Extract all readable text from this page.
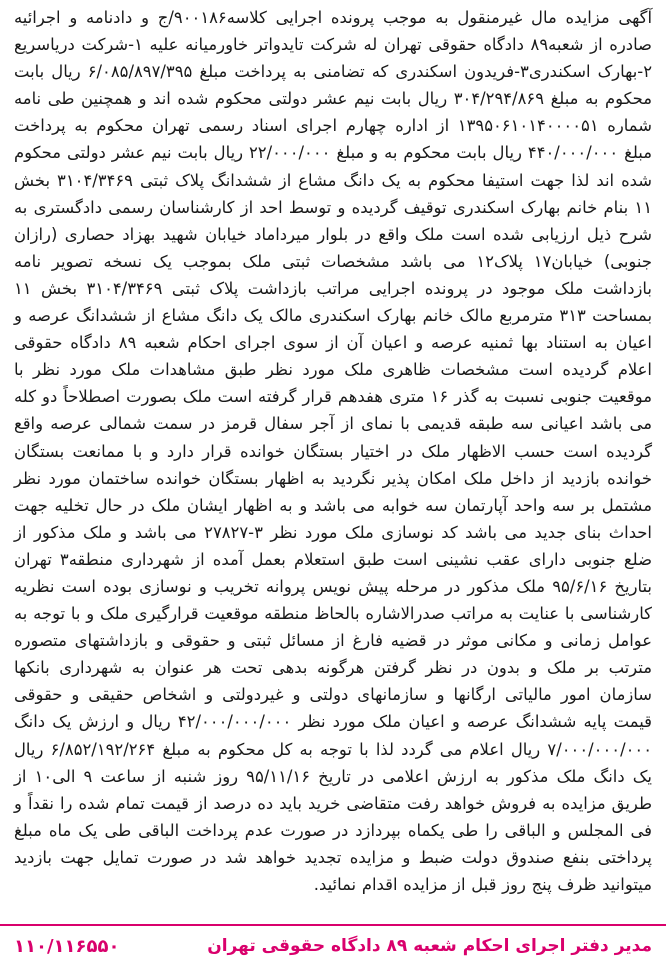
آگهی مزایده مال غیرمنقول به موجب پرونده اجرایی کلاسه۹۰۰۱۸۶/ج و دادنامه و اجرائیه صادره از شعبه۸۹ دادگاه حقوقی تهران له شرکت تایدواتر خاورمیانه علیه ۱-شرکت دریاسریع ۲-بهارک اسکندری۳-فریدون اسکندری که تضامنی به پرداخت مبلغ ۶/۰۸۵/۸۹۷/۳۹۵ ریال بابت محکوم به مبلغ ۳۰۴/۲۹۴/۸۶۹ ریال بابت نیم عشر دولتی محکوم شده اند و همچنین طی نامه شماره ۱۳۹۵۰۶۱۰۱۴۰۰۰۰۵۱ از اداره چهارم اجرای اسناد رسمی تهران محکوم به پرداخت مبلغ ۴۴۰/۰۰۰/۰۰۰ ریال بابت محکوم به و مبلغ ۲۲/۰۰۰/۰۰۰ ریال بابت نیم عشر دولتی محکوم شده اند لذا جهت استیفا محکوم به یک دانگ مشاع از ششدانگ پلاک ثبتی ۳۱۰۴/۳۴۶۹ بخش ۱۱ بنام خانم بهارک اسکندری توقیف گردیده و توسط احد از کارشناسان رسمی دادگستری به شرح ذیل ارزیابی شده است ملک واقع در بلوار میرداماد خیابان شهید بهزاد حصاری (رازان جنوبی) خیابان۱۷ پلاک۱۲ می باشد مشخصات ثبتی ملک بموجب یک نسخه تصویر نامه بازداشت ملک موجود در پرونده اجرایی مراتب بازداشت پلاک ثبتی ۳۱۰۴/۳۴۶۹ بخش ۱۱ بمساحت ۳۱۳ مترمربع مالک خانم بهارک اسکندری مالک یک دانگ مشاع از ششدانگ عرصه و اعیان به استناد بها ثمنیه عرصه و اعیان آن از سوی اجرای احکام شعبه ۸۹ دادگاه حقوقی اعلام گردیده است مشخصات ظاهری ملک مورد نظر طبق مشاهدات ملک مورد نظر با موقعیت جنوبی نسبت به گذر ۱۶ متری هفدهم قرار گرفته است ملک بصورت اصطلاحاً دو کله می باشد اعیانی سه طبقه قدیمی با نمای از آجر سفال قرمز در سمت شمالی عرصه واقع گردیده است حسب الاظهار ملک در اختیار بستگان خوانده قرار دارد و با ممانعت بستگان خوانده بازدید از داخل ملک امکان پذیر نگردید به اظهار بستگان خوانده ساختمان مورد نظر مشتمل بر سه واحد آپارتمان سه خوابه می باشد و به اظهار ایشان ملک در حال تخلیه جهت احداث بنای جدید می باشد کد نوسازی ملک مورد نظر ۳-۲۷۸۲۷ می باشد و ملک مذکور از ضلع جنوبی دارای عقب نشینی است طبق استعلام بعمل آمده از شهرداری منطقه۳ تهران بتاریخ ۹۵/۶/۱۶ ملک مذکور در مرحله پیش نویس پروانه تخریب و نوسازی بوده است نظریه کارشناسی با عنایت به مراتب صدرالاشاره بالحاظ منطقه موقعیت قرارگیری ملک و با توجه به عوامل زمانی و مکانی موثر در قضیه فارغ از مسائل ثبتی و حقوقی و بازداشتهای متصوره مترتب بر ملک و بدون در نظر گرفتن هرگونه بدهی تحت هر عنوان به شهرداری بانکها سازمان امور مالیاتی ارگانها و سازمانهای دولتی و غیردولتی و اشخاص حقیقی و حقوقی قیمت پایه ششدانگ عرصه و اعیان ملک مورد نظر ۴۲/۰۰۰/۰۰۰/۰۰۰ ریال و ارزش یک دانگ ۷/۰۰۰/۰۰۰/۰۰۰ ریال اعلام می گردد لذا با توجه به کل محکوم به مبلغ ۶/۸۵۲/۱۹۲/۲۶۴ ریال یک دانگ ملک مذکور به ارزش اعلامی در تاریخ ۹۵/۱۱/۱۶ روز شنبه از ساعت ۹ الی۱۰ از طریق مزایده به فروش خواهد رفت متقاضی خرید باید ده درصد از قیمت تمام شده را نقداً و فی المجلس و الباقی را طی یکماه بپردازد در صورت عدم پرداخت الباقی طی یک ماه مبلغ پرداختی بنفع صندوق دولت ضبط و مزایده تجدید خواهد شد در صورت تمایل جهت بازدید میتوانید ظرف پنج روز قبل از مزایده اقدام نمائید.
مدیر دفتر اجرای احکام شعبه ۸۹ دادگاه حقوقی تهران
۱۱۰/۱۱۶۵۵۰
